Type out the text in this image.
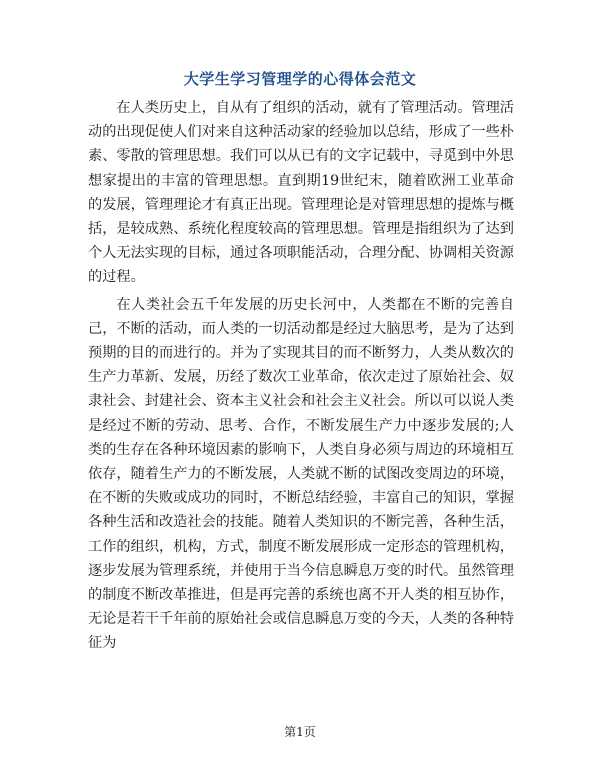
大学生学习管理学的心得体会范文

在人类历史上，自从有了组织的活动，就有了管理活动。管理活动的出现促使人们对来自这种活动家的经验加以总结，形成了一些朴素、零散的管理思想。我们可以从已有的文字记载中，寻觅到中外思想家提出的丰富的管理思想。直到期19世纪末，随着欧洲工业革命的发展，管理理论才有真正出现。管理理论是对管理思想的提炼与概括，是较成熟、系统化程度较高的管理思想。管理是指组织为了达到个人无法实现的目标，通过各项职能活动，合理分配、协调相关资源的过程。

在人类社会五千年发展的历史长河中，人类都在不断的完善自己，不断的活动，而人类的一切活动都是经过大脑思考，是为了达到预期的目的而进行的。并为了实现其目的而不断努力，人类从数次的生产力革新、发展，历经了数次工业革命，依次走过了原始社会、奴隶社会、封建社会、资本主义社会和社会主义社会。所以可以说人类是经过不断的劳动、思考、合作，不断发展生产力中逐步发展的;人类的生存在各种环境因素的影响下，人类自身必须与周边的环境相互依存，随着生产力的不断发展，人类就不断的试图改变周边的环境，在不断的失败或成功的同时，不断总结经验，丰富自己的知识，掌握各种生活和改造社会的技能。随着人类知识的不断完善，各种生活，工作的组织，机构，方式，制度不断发展形成一定形态的管理机构，逐步发展为管理系统，并使用于当今信息瞬息万变的时代。虽然管理的制度不断改革推进，但是再完善的系统也离不开人类的相互协作，无论是若干千年前的原始社会或信息瞬息万变的今天，人类的各种特征为

第1页
